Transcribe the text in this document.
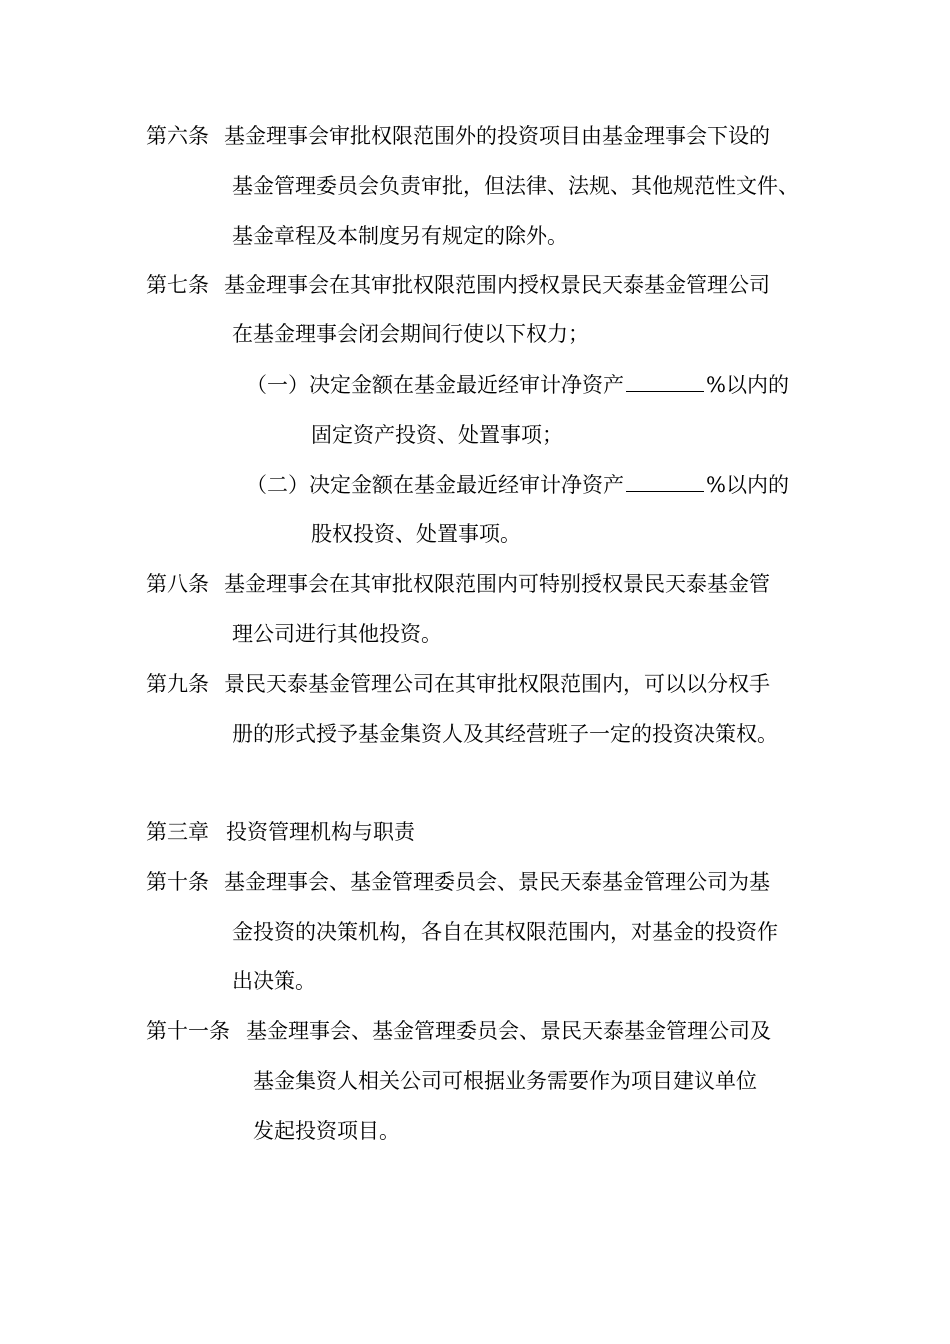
第六条 基金理事会审批权限范围外的投资项目由基金理事会下设的
基金管理委员会负责审批，但法律、法规、其他规范性文件、
基金章程及本制度另有规定的除外。
第七条 基金理事会在其审批权限范围内授权景民天泰基金管理公司
在基金理事会闭会期间行使以下权力；
（一）决定金额在基金最近经审计净资产	%以内的
固定资产投资、处置事项；
（二）决定金额在基金最近经审计净资产	%以内的
股权投资、处置事项。
第八条 基金理事会在其审批权限范围内可特别授权景民天泰基金管
理公司进行其他投资。
第九条 景民天泰基金管理公司在其审批权限范围内，可以以分权手
册的形式授予基金集资人及其经营班子一定的投资决策权。
第三章 投资管理机构与职责
第十条 基金理事会、基金管理委员会、景民天泰基金管理公司为基
金投资的决策机构，各自在其权限范围内，对基金的投资作
出决策。
第十一条 基金理事会、基金管理委员会、景民天泰基金管理公司及
基金集资人相关公司可根据业务需要作为项目建议单位
发起投资项目。
